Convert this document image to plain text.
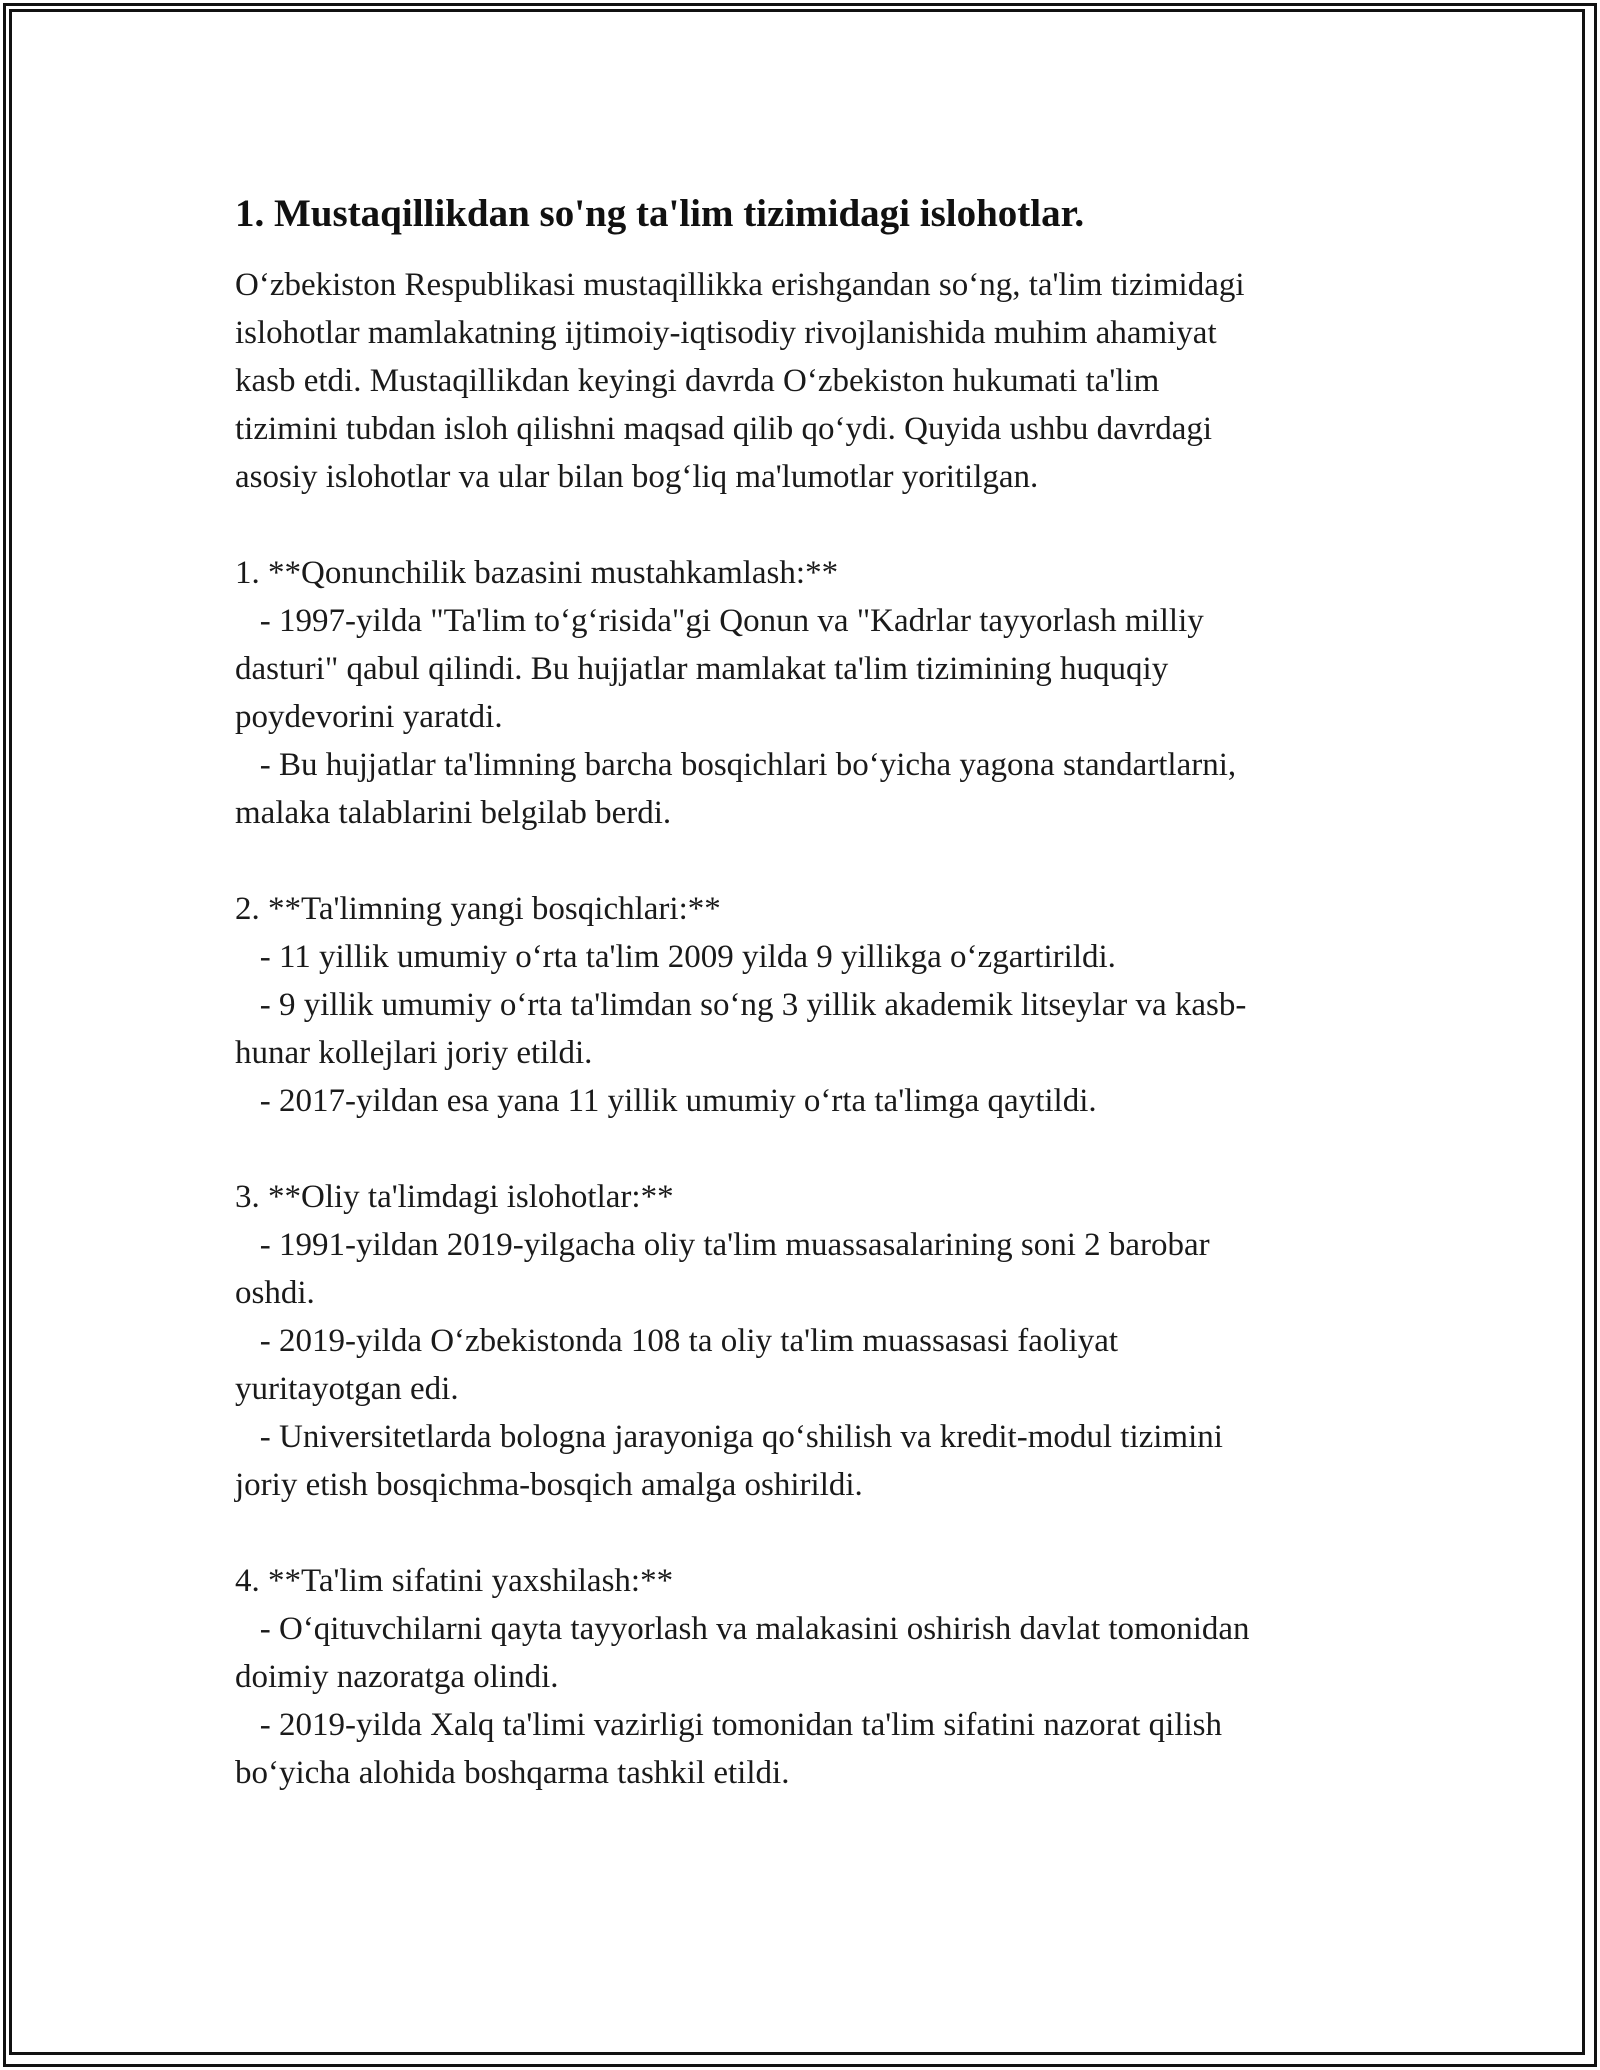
1. Mustaqillikdan so'ng ta'lim tizimidagi islohotlar.

O‘zbekiston Respublikasi mustaqillikka erishgandan so‘ng, ta'lim tizimidagi
islohotlar mamlakatning ijtimoiy-iqtisodiy rivojlanishida muhim ahamiyat
kasb etdi. Mustaqillikdan keyingi davrda O‘zbekiston hukumati ta'lim
tizimini tubdan isloh qilishni maqsad qilib qo‘ydi. Quyida ushbu davrdagi
asosiy islohotlar va ular bilan bog‘liq ma'lumotlar yoritilgan.

1. **Qonunchilik bazasini mustahkamlash:**
- 1997-yilda "Ta'lim to‘g‘risida"gi Qonun va "Kadrlar tayyorlash milliy
dasturi" qabul qilindi. Bu hujjatlar mamlakat ta'lim tizimining huquqiy
poydevorini yaratdi.
- Bu hujjatlar ta'limning barcha bosqichlari bo‘yicha yagona standartlarni,
malaka talablarini belgilab berdi.
2. **Ta'limning yangi bosqichlari:**
- 11 yillik umumiy o‘rta ta'lim 2009 yilda 9 yillikga o‘zgartirildi.
- 9 yillik umumiy o‘rta ta'limdan so‘ng 3 yillik akademik litseylar va kasb-
hunar kollejlari joriy etildi.
- 2017-yildan esa yana 11 yillik umumiy o‘rta ta'limga qaytildi.
3. **Oliy ta'limdagi islohotlar:**
- 1991-yildan 2019-yilgacha oliy ta'lim muassasalarining soni 2 barobar
oshdi.
- 2019-yilda O‘zbekistonda 108 ta oliy ta'lim muassasasi faoliyat
yuritayotgan edi.
- Universitetlarda bologna jarayoniga qo‘shilish va kredit-modul tizimini
joriy etish bosqichma-bosqich amalga oshirildi.
4. **Ta'lim sifatini yaxshilash:**
- O‘qituvchilarni qayta tayyorlash va malakasini oshirish davlat tomonidan
doimiy nazoratga olindi.
- 2019-yilda Xalq ta'limi vazirligi tomonidan ta'lim sifatini nazorat qilish
bo‘yicha alohida boshqarma tashkil etildi.
